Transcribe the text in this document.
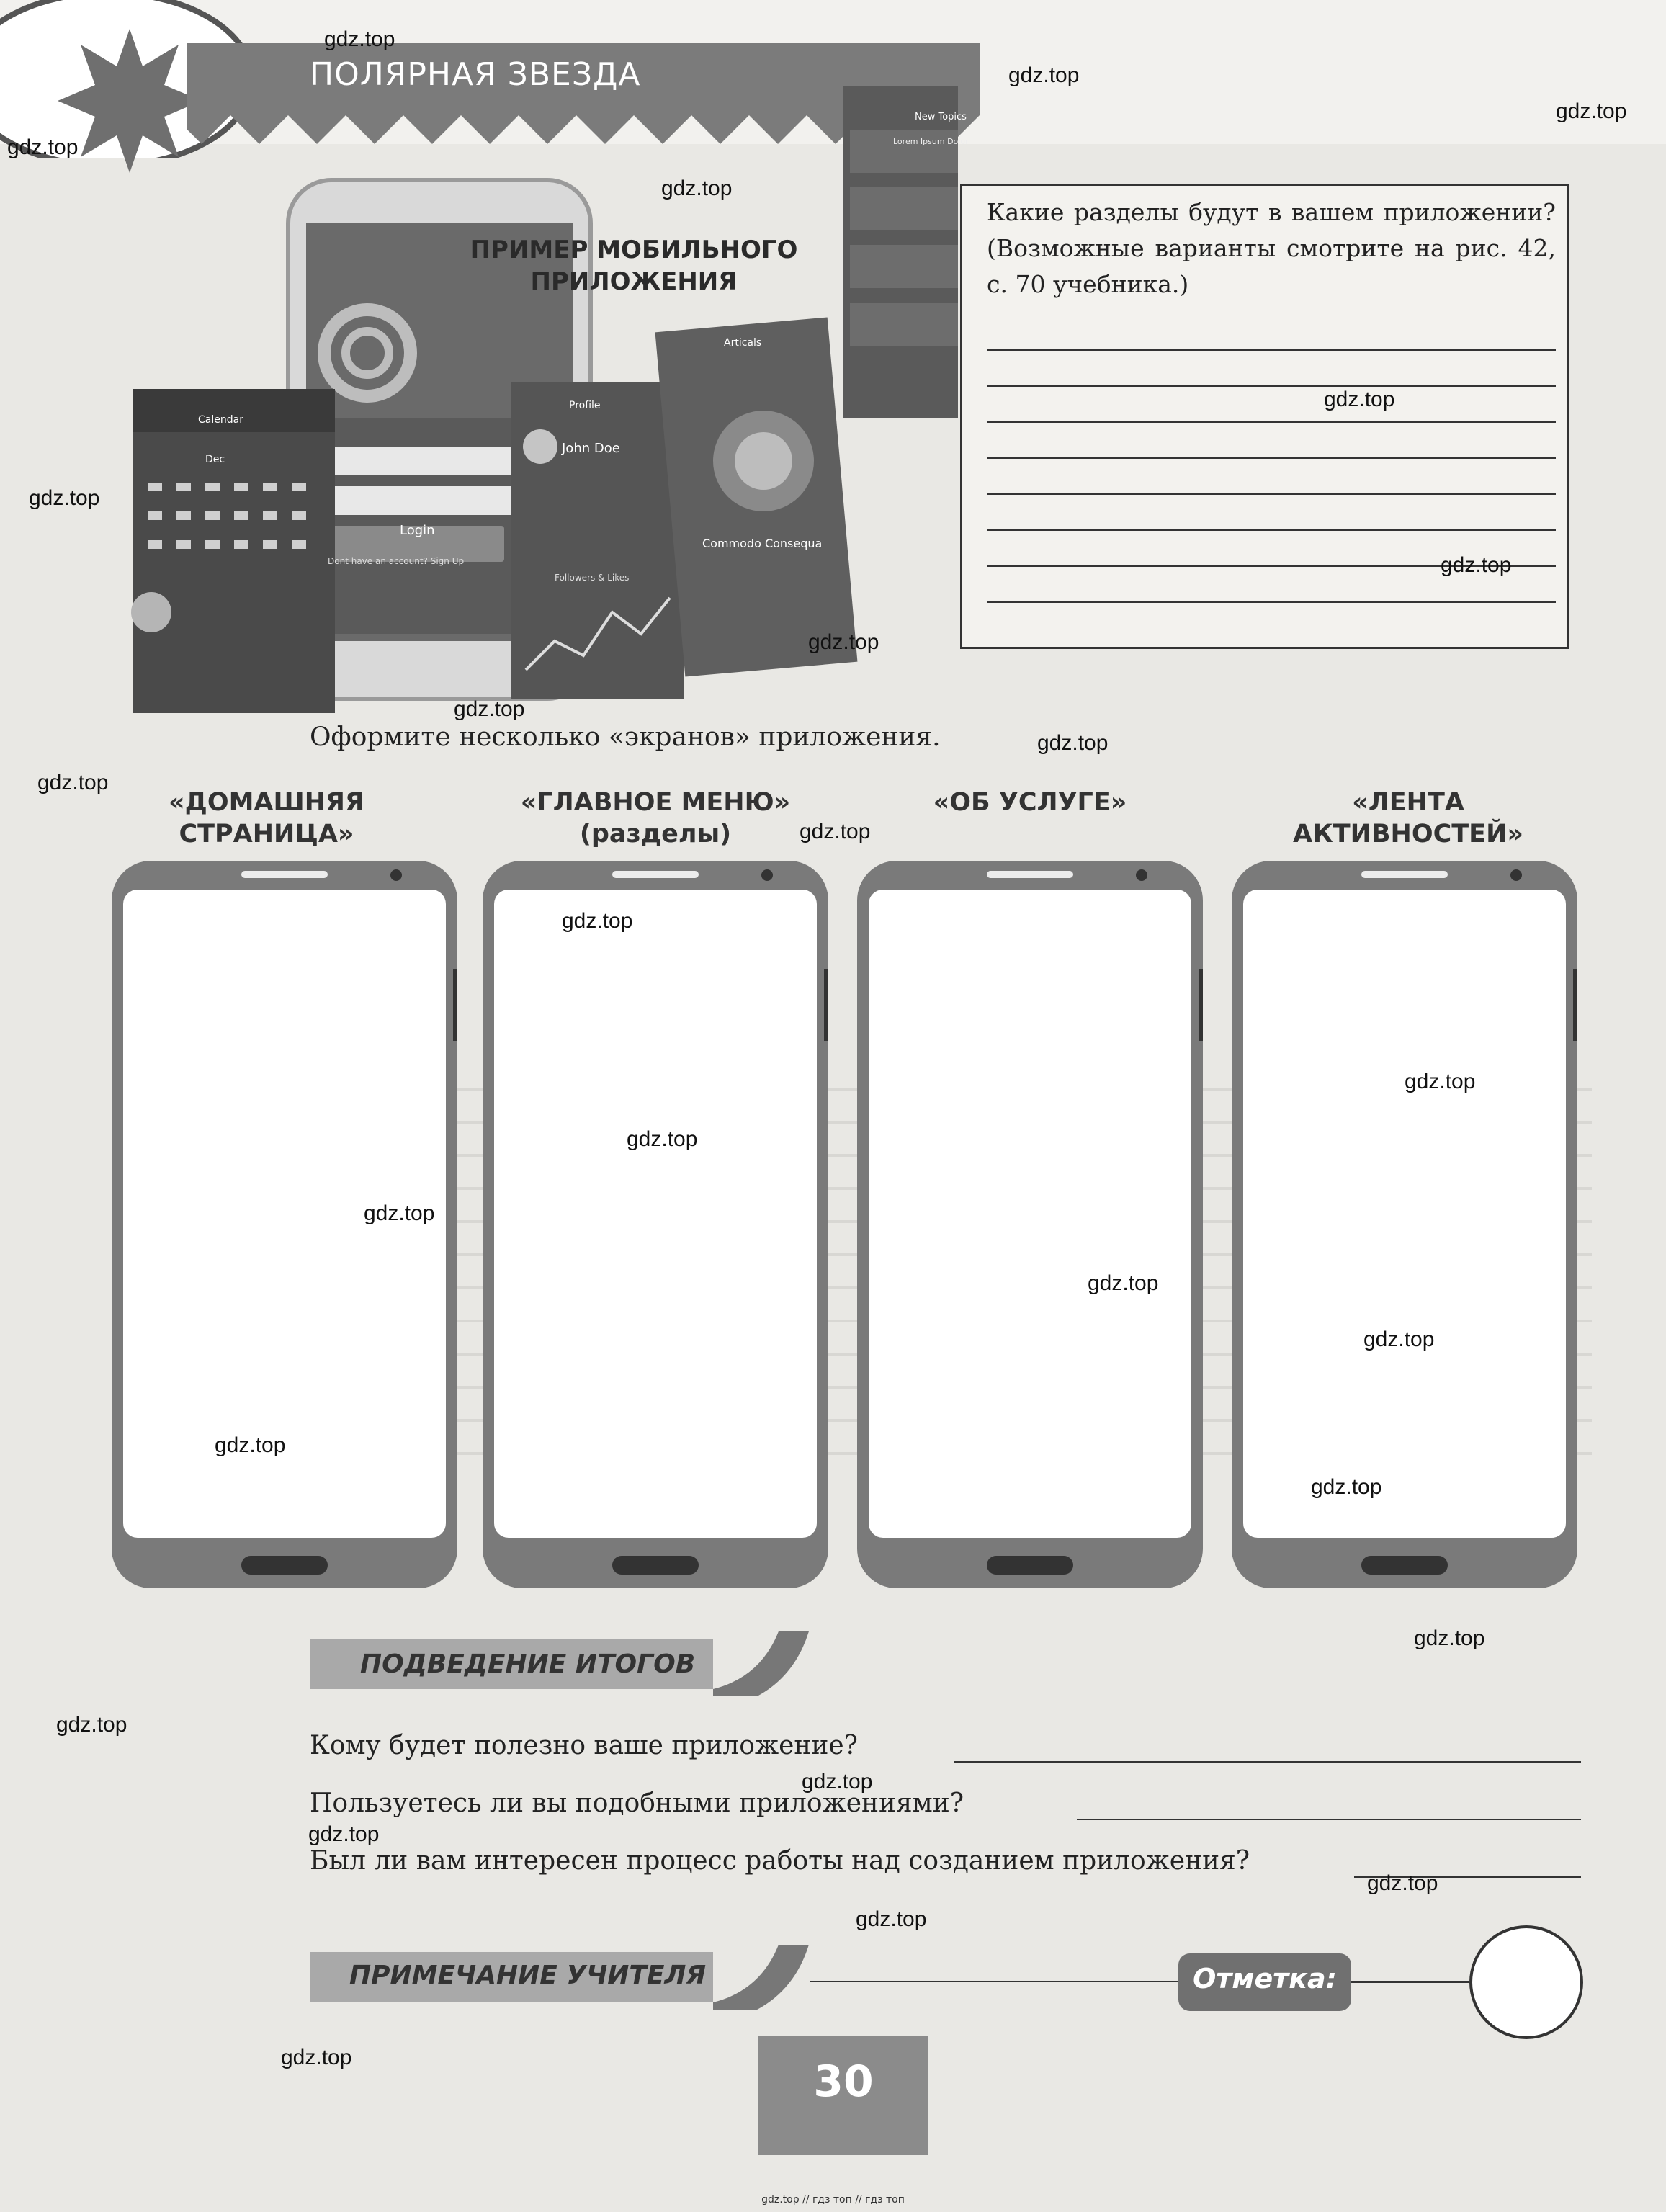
gdz.top // гдз топ // гдз топ
ПОЛЯРНАЯ ЗВЕЗДА
Calendar
Dec
Login
Dont have an account? Sign Up
Profile
John Doe
Followers & Likes
Articals
Commodo Consequa
New Topics
Lorem Ipsum Dolor
ПРИМЕР МОБИЛЬНОГО
ПРИЛОЖЕНИЯ
Какие разделы будут в вашем приложении? (Возможные варианты смотрите на рис. 42, с. 70 учебника.)
Оформите несколько «экранов» приложения.
«ДОМАШНЯЯ
СТРАНИЦА»
«ГЛАВНОЕ МЕНЮ»
(разделы)
«ОБ УСЛУГЕ»	«ЛЕНТА
АКТИВНОСТЕЙ»
ПОДВЕДЕНИЕ ИТОГОВ
Кому будет полезно ваше приложение?
Пользуетесь ли вы подобными приложениями?
Был ли вам интересен процесс работы над созданием приложения?
ПРИМЕЧАНИЕ УЧИТЕЛЯ	Отметка:
30
gdz.top
gdz.top
gdz.top
gdz.top
gdz.top
gdz.top
gdz.top
gdz.top
gdz.top
gdz.top
gdz.top
gdz.top
gdz.top
gdz.top
gdz.top
gdz.top
gdz.top
gdz.top
gdz.top
gdz.top
gdz.top
gdz.top
gdz.top
gdz.top
gdz.top
gdz.top
gdz.top
gdz.top
